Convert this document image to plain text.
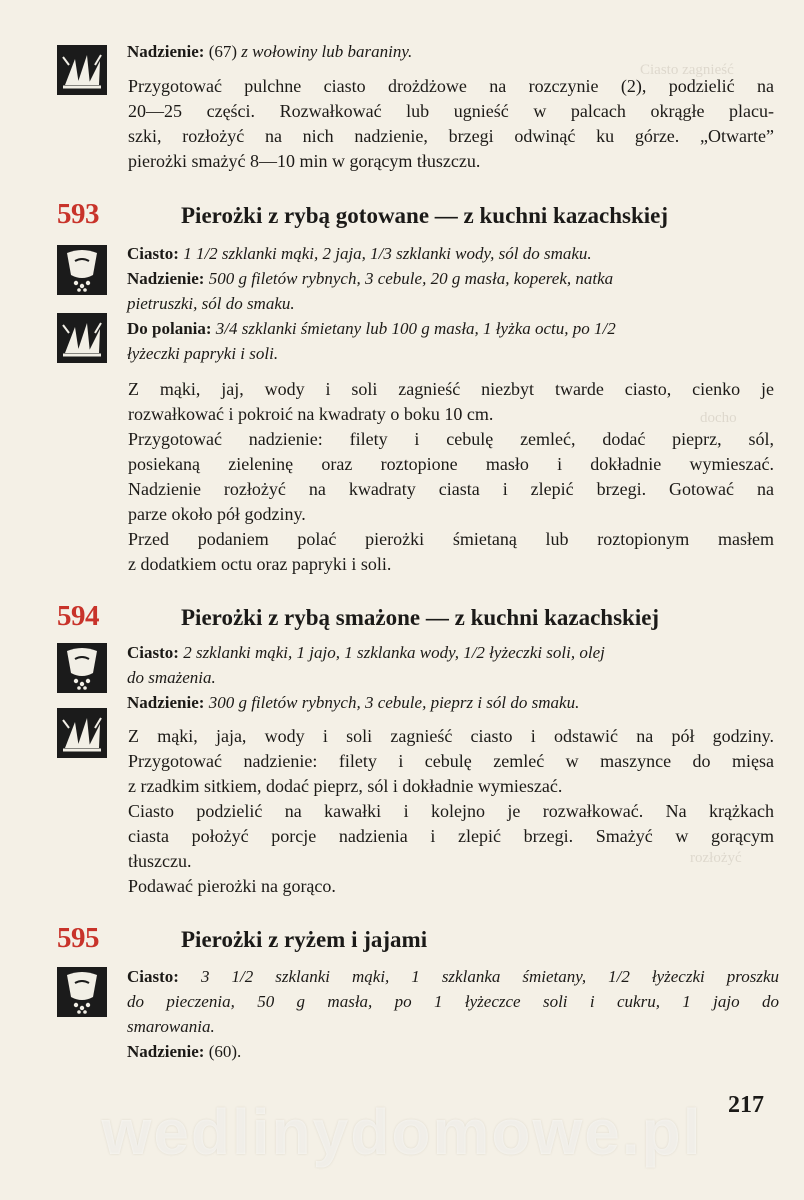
Ciasto zagnieść
docho
rozłożyć
Nadzienie: (67) z wołowiny lub baraniny.
Przygotować pulchne ciasto drożdżowe na rozczynie (2), podzielić na
20—25 części. Rozwałkować lub ugnieść w palcach okrągłe placu-
szki, rozłożyć na nich nadzienie, brzegi odwinąć ku górze. „Otwarte”
pierożki smażyć 8—10 min w gorącym tłuszczu.
593	Pierożki z rybą gotowane — z kuchni kazachskiej
Ciasto: 1 1/2 szklanki mąki, 2 jaja, 1/3 szklanki wody, sól do smaku.
Nadzienie: 500 g filetów rybnych, 3 cebule, 20 g masła, koperek, natka
pietruszki, sól do smaku.
Do polania: 3/4 szklanki śmietany lub 100 g masła, 1 łyżka octu, po 1/2
łyżeczki papryki i soli.
Z mąki, jaj, wody i soli zagnieść niezbyt twarde ciasto, cienko je
rozwałkować i pokroić na kwadraty o boku 10 cm.
Przygotować nadzienie: filety i cebulę zemleć, dodać pieprz, sól,
posiekaną zieleninę oraz roztopione masło i dokładnie wymieszać.
Nadzienie rozłożyć na kwadraty ciasta i zlepić brzegi. Gotować na
parze około pół godziny.
Przed podaniem polać pierożki śmietaną lub roztopionym masłem
z dodatkiem octu oraz papryki i soli.
594	Pierożki z rybą smażone — z kuchni kazachskiej
Ciasto: 2 szklanki mąki, 1 jajo, 1 szklanka wody, 1/2 łyżeczki soli, olej
do smażenia.
Nadzienie: 300 g filetów rybnych, 3 cebule, pieprz i sól do smaku.
Z mąki, jaja, wody i soli zagnieść ciasto i odstawić na pół godziny.
Przygotować nadzienie: filety i cebulę zemleć w maszynce do mięsa
z rzadkim sitkiem, dodać pieprz, sól i dokładnie wymieszać.
Ciasto podzielić na kawałki i kolejno je rozwałkować. Na krążkach
ciasta położyć porcje nadzienia i zlepić brzegi. Smażyć w gorącym
tłuszczu.
Podawać pierożki na gorąco.
595	Pierożki z ryżem i jajami
Ciasto: 3 1/2 szklanki mąki, 1 szklanka śmietany, 1/2 łyżeczki proszku
do pieczenia, 50 g masła, po 1 łyżeczce soli i cukru, 1 jajo do
smarowania.
Nadzienie: (60).
wedlinydomowe.pl	217
